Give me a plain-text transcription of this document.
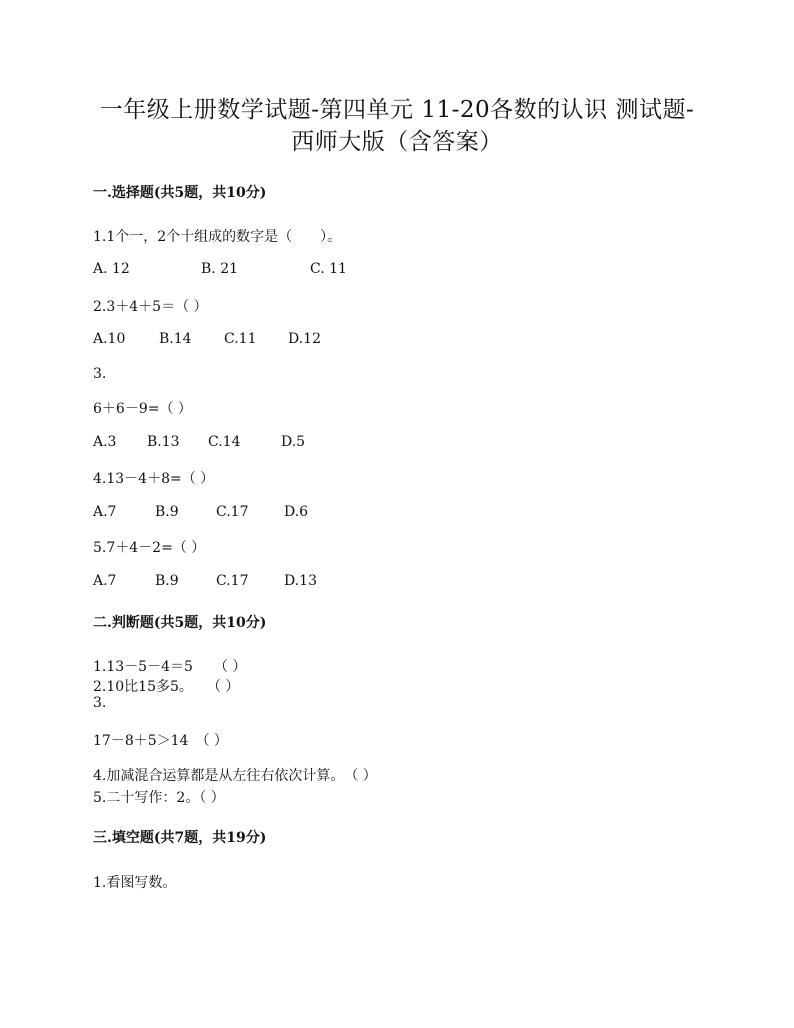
一年级上册数学试题-第四单元 11-20各数的认识 测试题-
西师大版（含答案）
一.选择题(共5题，共10分)
1.1个一，2个十组成的数字是（　　）。
A. 12	B. 21	C. 11
2.3＋4＋5＝（ ）
A.10 B.14 C.11 D.12
3.
6＋6－9=（ ）
A.3 B.13 C.14	D.5
4.13－4＋8=（ ）
A.7	B.9	C.17	D.6
5.7＋4－2=（ ）
A.7	B.9	C.17	D.13
二.判断题(共5题，共10分)
1.13－5－4＝5　　（ ）
2.10比15多5。　　（ ）
3.
17－8＋5＞14　（ ）
4.加减混合运算都是从左往右依次计算。　（ ）
5.二十写作：2。（ ）
三.填空题(共7题，共19分)
1.看图写数。
